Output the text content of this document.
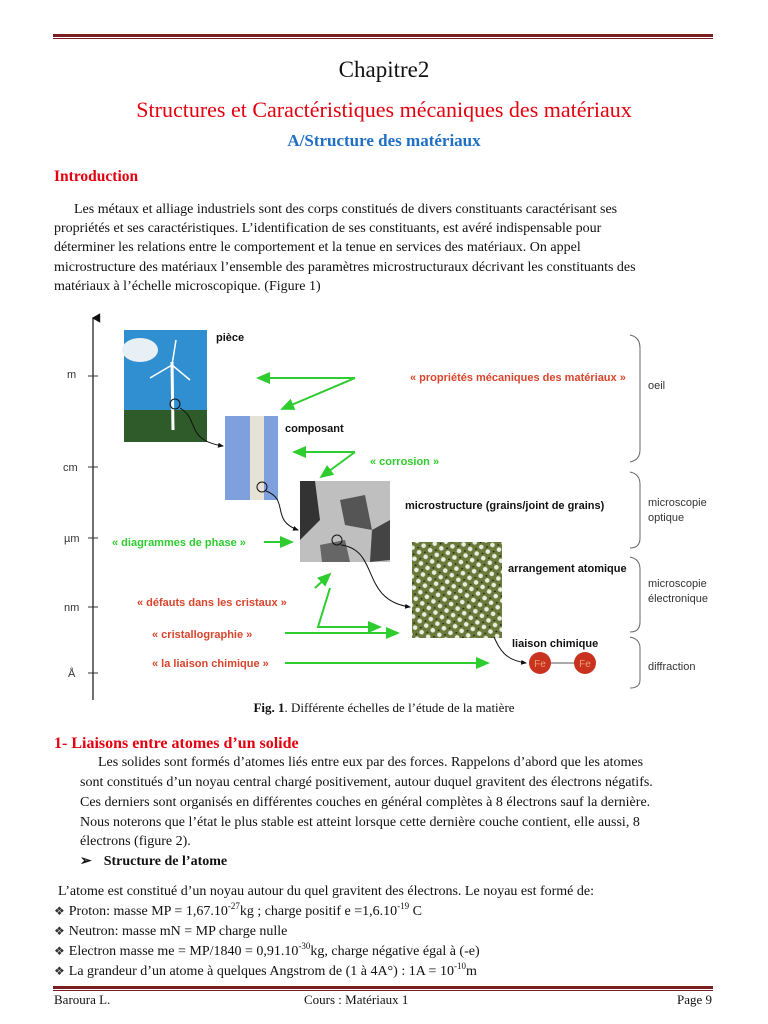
Chapitre2
Structures et Caractéristiques mécaniques des matériaux
A/Structure des matériaux
Introduction
Les métaux et alliage industriels sont des corps constitués de divers constituants caractérisant ses
propriétés et ses caractéristiques. L’identification de ses constituants, est avéré indispensable pour
déterminer les relations entre le comportement et la tenue en services des matériaux. On appel
microstructure des matériaux l’ensemble des paramètres microstructuraux décrivant les constituants des
matériaux à l’échelle microscopique. (Figure 1)
m
cm
µm
nm
Å
Fe	Fe
pièce
composant
microstructure (grains/joint de grains)
arrangement atomique
liaison chimique
« propriétés mécaniques des matériaux »
« corrosion »
« diagrammes de phase »
« défauts dans les cristaux »
« cristallographie »
« la liaison chimique »
oeil
microscopie
optique
microscopie
électronique
diffraction
Fig. 1. Différente échelles de l’étude de la matière
1- Liaisons entre atomes d’un solide
Les solides sont formés d’atomes liés entre eux par des forces. Rappelons d’abord que les atomes
sont constitués d’un noyau central chargé positivement, autour duquel gravitent des électrons négatifs.
Ces derniers sont organisés en différentes couches en général complètes à 8 électrons sauf la dernière.
Nous noterons que l’état le plus stable est atteint lorsque cette dernière couche contient, elle aussi, 8
électrons (figure 2).
➢ Structure de l’atome
L’atome est constitué d’un noyau autour du quel gravitent des électrons. Le noyau est formé de:
❖ Proton: masse MP = $1,67.10^{-27}kg$ ; charge positif $e =1,6.10^{-19}$ C
❖ Neutron: masse mN = MP charge nulle
❖ Electron masse me = $MP/1840 = 0,91.10^{-30}kg$, charge négative égal à (-e)
❖ La grandeur d’un atome à quelques Angstrom de (1 à 4A°) : $1A = 10^{-10}m$
Baroura L.	Cours : Matériaux 1	Page 9
